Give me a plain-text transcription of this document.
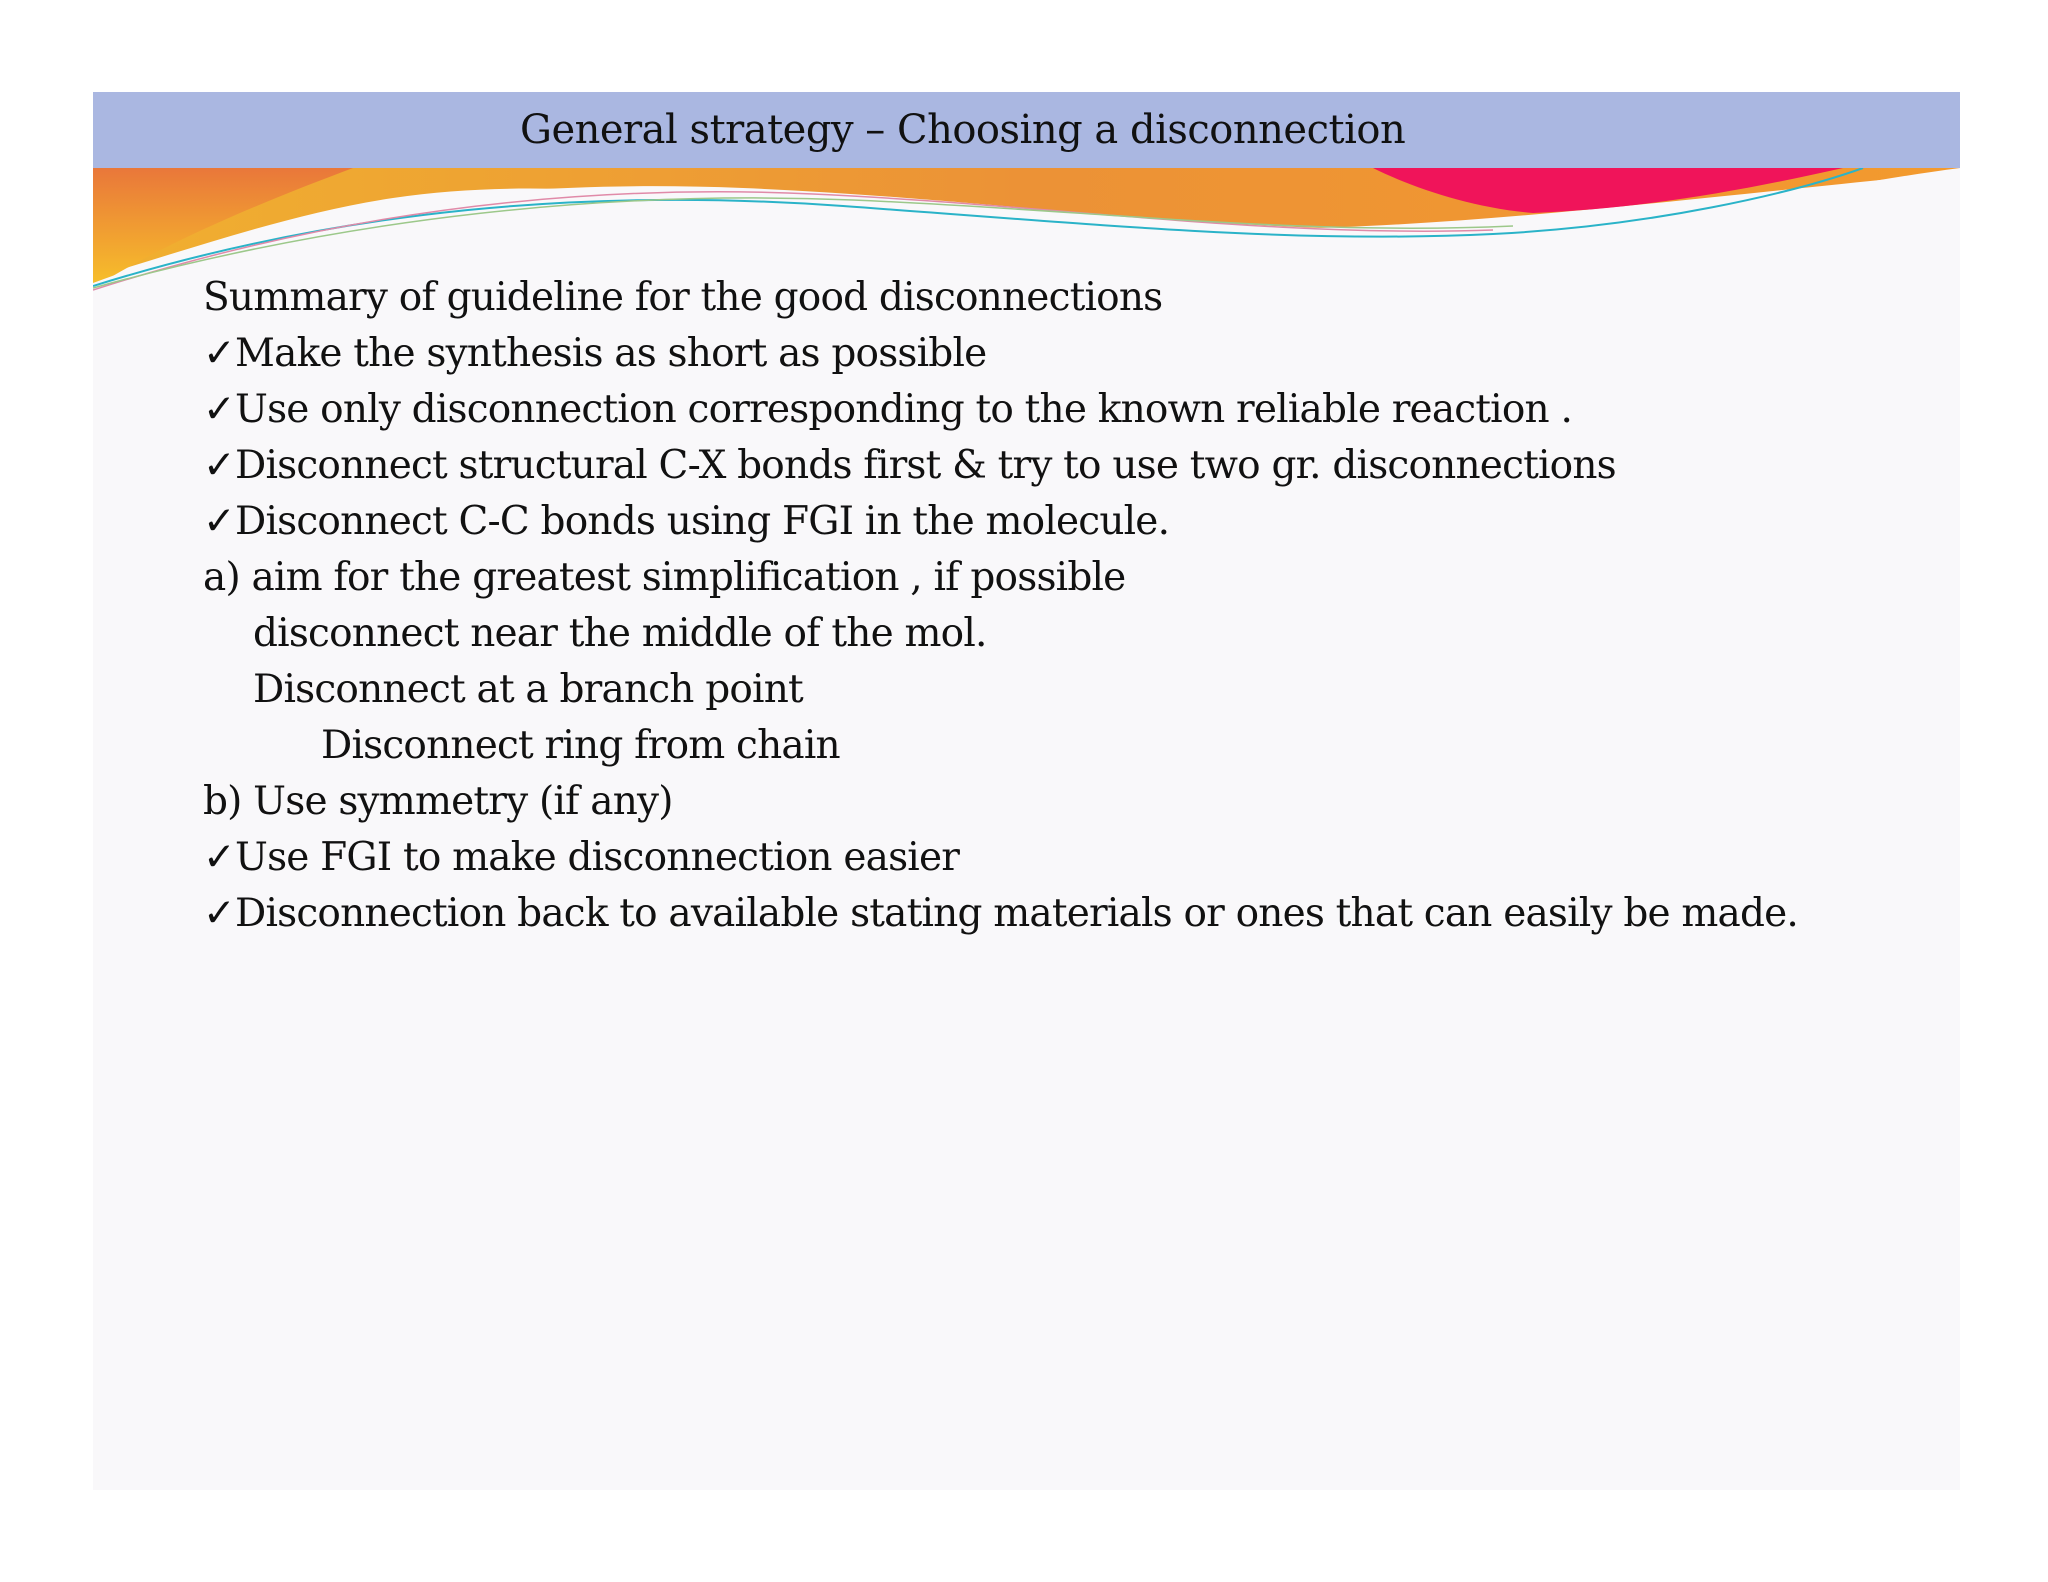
General strategy – Choosing a disconnection
Summary of guideline for the good disconnections
✓Make the synthesis as short as possible
✓Use only disconnection corresponding to the known reliable reaction .
✓Disconnect structural C-X bonds first & try to use two gr. disconnections
✓Disconnect C-C bonds using FGI in the molecule.
a) aim for the greatest simplification , if possible
disconnect near the middle of the mol.
Disconnect at a branch point
Disconnect ring from chain
b) Use symmetry (if any)
✓Use FGI to make disconnection easier
✓Disconnection back to available stating materials or ones that can easily be made.
